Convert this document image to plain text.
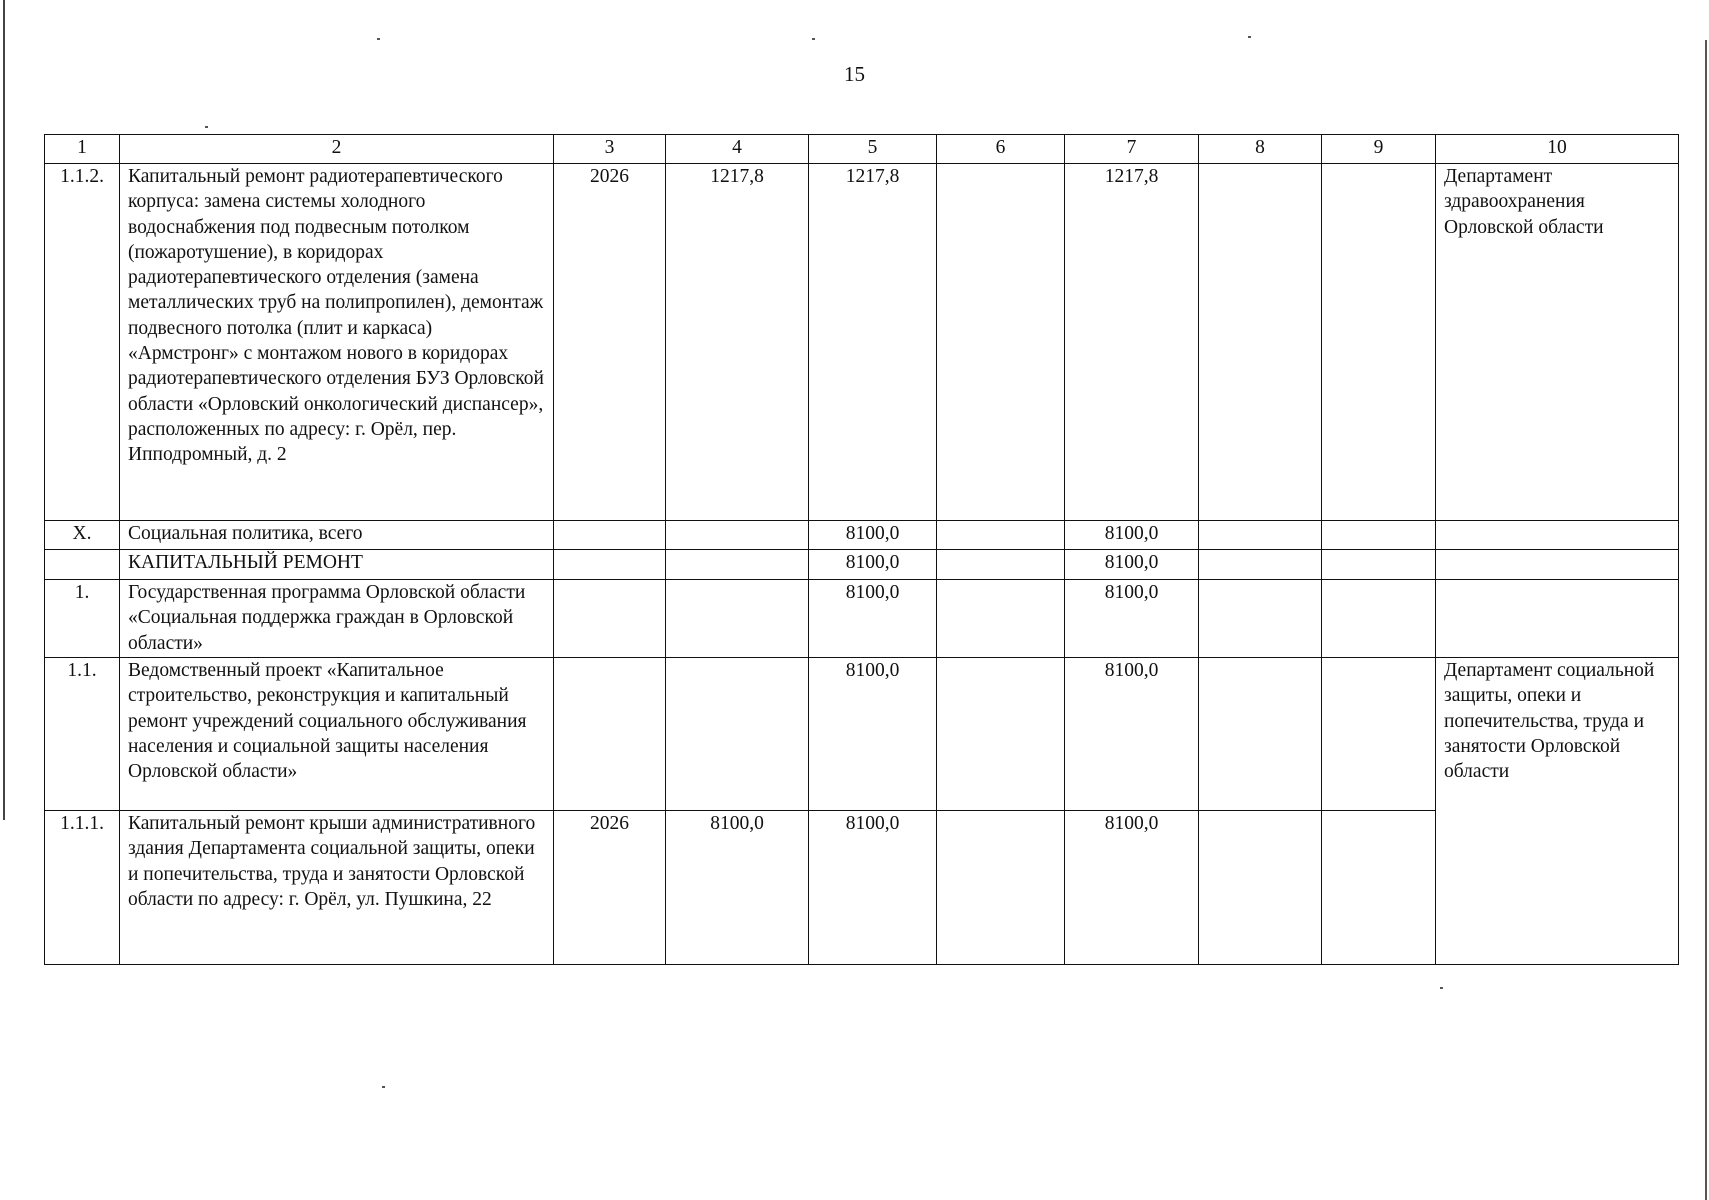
15
1	2	3	4	5	6	7	8	9	10
1.1.2.	Капитальный ремонт радиотерапевтического корпуса: замена системы холодного водоснабжения под подвесным потолком (пожаротушение), в коридорах радиотерапевтического отделения (замена металлических труб на полипропилен), демонтаж подвесного потолка (плит и каркаса) «Армстронг» с монтажом нового в коридорах радиотерапевтического отделения БУЗ Орловской области «Орловский онкологический диспансер», расположенных по адресу: г. Орёл, пер. Ипподромный, д. 2	2026	1217,8	1217,8		1217,8			Департамент здравоохранения Орловской области
X.	Социальная политика, всего			8100,0		8100,0			
	КАПИТАЛЬНЫЙ РЕМОНТ			8100,0		8100,0			
1.	Государственная программа Орловской области «Социальная поддержка граждан в Орловской области»			8100,0		8100,0			
1.1.	Ведомственный проект «Капитальное строительство, реконструкция и капитальный ремонт учреждений социального обслуживания населения и социальной защиты населения Орловской области»			8100,0		8100,0			Департамент социальной защиты, опеки и попечительства, труда и занятости Орловской области
1.1.1.	Капитальный ремонт крыши административного здания Департамента социальной защиты, опеки и попечительства, труда и занятости Орловской области по адресу: г. Орёл, ул. Пушкина, 22	2026	8100,0	8100,0		8100,0			
